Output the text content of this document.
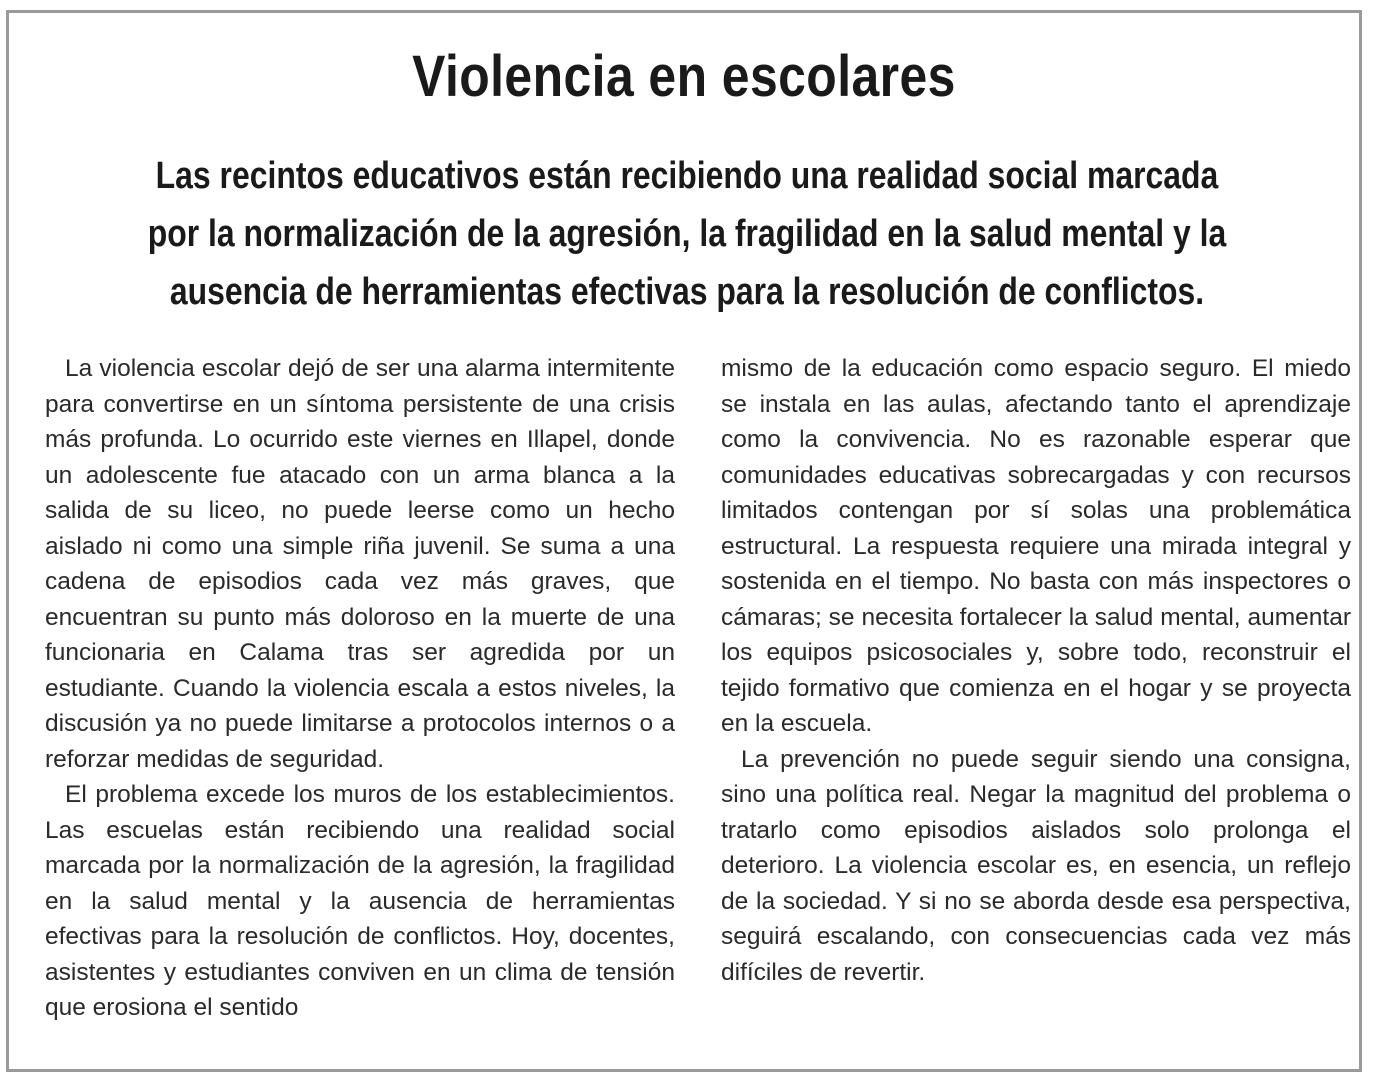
Violencia en escolares
Las recintos educativos están recibiendo una realidad social marcada por la normalización de la agresión, la fragilidad en la salud mental y la ausencia de herramientas efectivas para la resolución de conflictos.

La violencia escolar dejó de ser una alarma intermitente para convertirse en un síntoma persistente de una crisis más profunda. Lo ocurrido este viernes en Illapel, donde un adolescente fue atacado con un arma blanca a la salida de su liceo, no puede leerse como un hecho aislado ni como una simple riña juvenil. Se suma a una cadena de episodios cada vez más graves, que encuentran su punto más doloroso en la muerte de una funcionaria en Calama tras ser agredida por un estudiante. Cuando la violencia escala a estos niveles, la discusión ya no puede limitarse a protocolos internos o a reforzar medidas de seguridad.

El problema excede los muros de los establecimientos. Las escuelas están recibiendo una realidad social marcada por la normalización de la agresión, la fragilidad en la salud mental y la ausencia de herramientas efectivas para la resolución de conflictos. Hoy, docentes, asistentes y estudiantes conviven en un clima de tensión que erosiona el sentido

mismo de la educación como espacio seguro. El miedo se instala en las aulas, afectando tanto el aprendizaje como la convivencia. No es razonable esperar que comunidades educativas sobrecargadas y con recursos limitados contengan por sí solas una problemática estructural. La respuesta requiere una mirada integral y sostenida en el tiempo. No basta con más inspectores o cámaras; se necesita fortalecer la salud mental, aumentar los equipos psicosociales y, sobre todo, reconstruir el tejido formativo que comienza en el hogar y se proyecta en la escuela.

La prevención no puede seguir siendo una consigna, sino una política real. Negar la magnitud del problema o tratarlo como episodios aislados solo prolonga el deterioro. La violencia escolar es, en esencia, un reflejo de la sociedad. Y si no se aborda desde esa perspectiva, seguirá escalando, con consecuencias cada vez más difíciles de revertir.
